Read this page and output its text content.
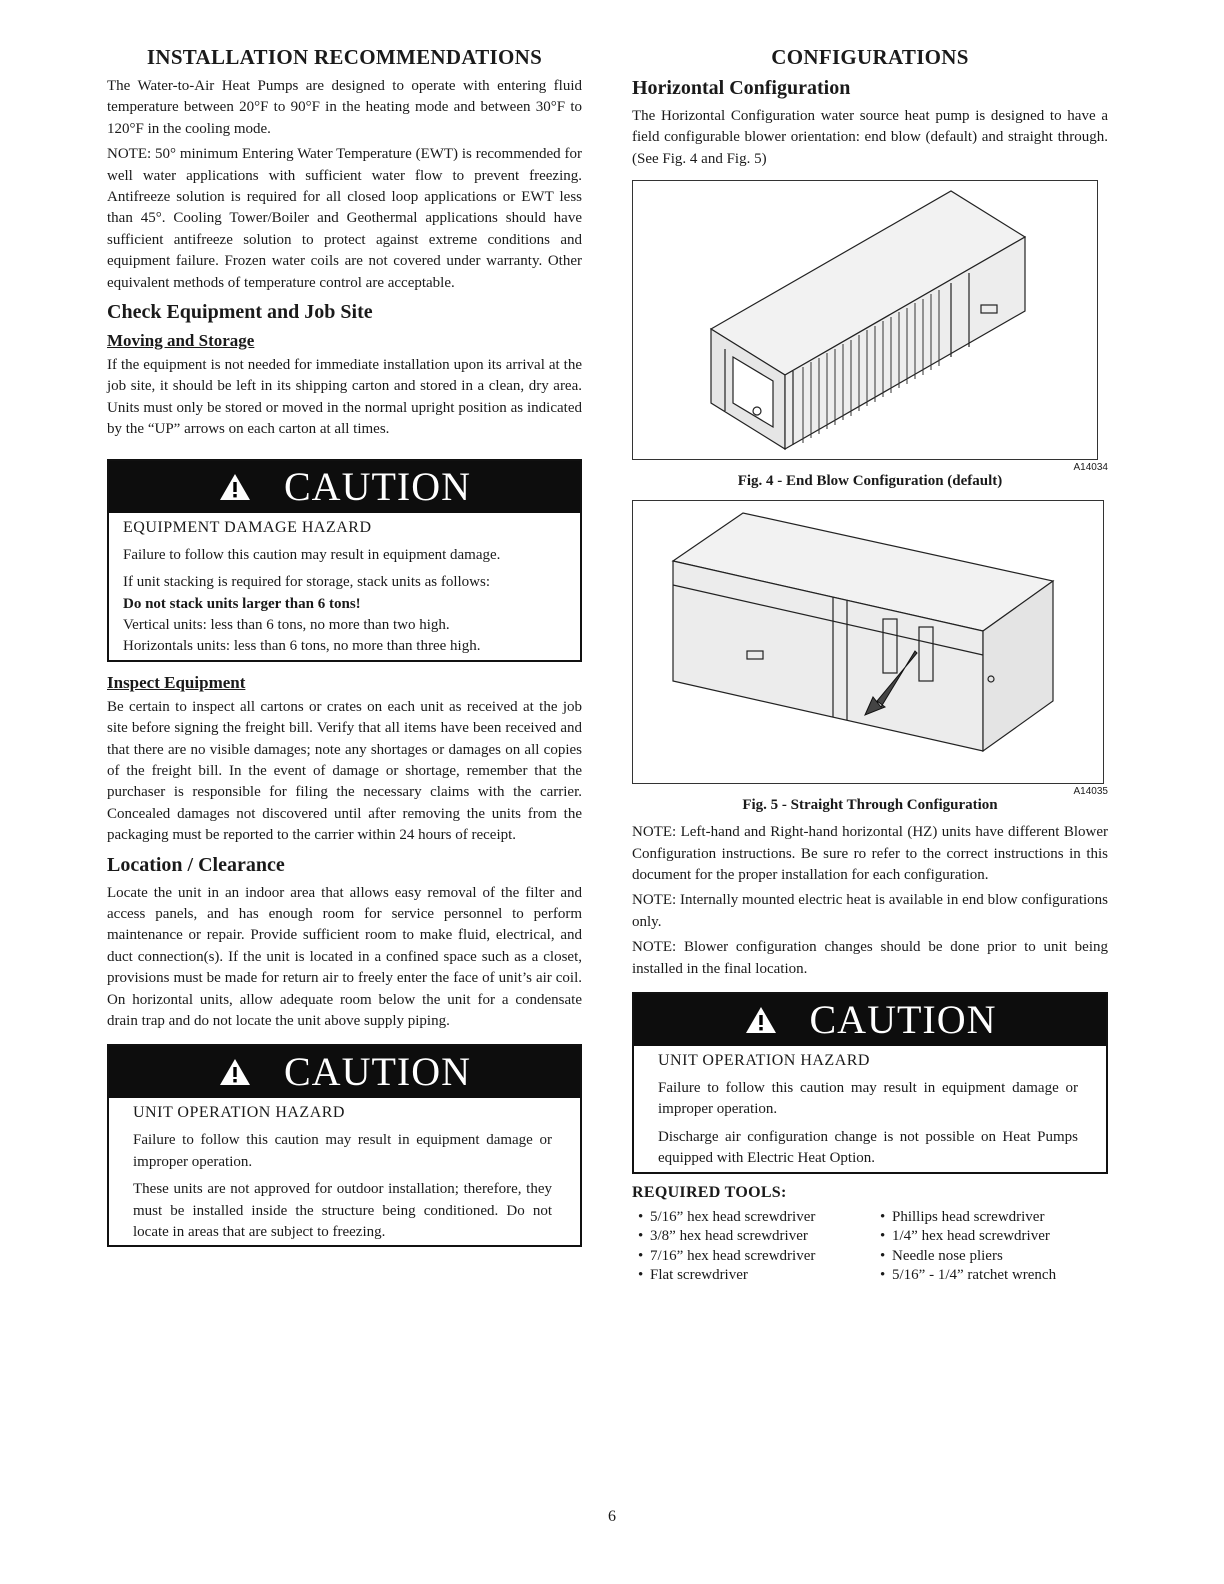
INSTALLATION RECOMMENDATIONS

The Water-to-Air Heat Pumps are designed to operate with entering fluid temperature between 20°F to 90°F in the heating mode and between 30°F to 120°F in the cooling mode.

NOTE: 50° minimum Entering Water Temperature (EWT) is recommended for well water applications with sufficient water flow to prevent freezing. Antifreeze solution is required for all closed loop applications or EWT less than 45°. Cooling Tower/Boiler and Geothermal applications should have sufficient antifreeze solution to protect against extreme conditions and equipment failure. Frozen water coils are not covered under warranty. Other equivalent methods of temperature control are acceptable.

Check Equipment and Job Site
Moving and Storage

If the equipment is not needed for immediate installation upon its arrival at the job site, it should be left in its shipping carton and stored in a clean, dry area. Units must only be stored or moved in the normal upright position as indicated by the “UP” arrows on each carton at all times.

CAUTION
EQUIPMENT DAMAGE HAZARD

Failure to follow this caution may result in equipment damage.

If unit stacking is required for storage, stack units as follows:

Do not stack units larger than 6 tons!

Vertical units: less than 6 tons, no more than two high.

Horizontals units: less than 6 tons, no more than three high.

Inspect Equipment

Be certain to inspect all cartons or crates on each unit as received at the job site before signing the freight bill. Verify that all items have been received and that there are no visible damages; note any shortages or damages on all copies of the freight bill. In the event of damage or shortage, remember that the purchaser is responsible for filing the necessary claims with the carrier. Concealed damages not discovered until after removing the units from the packaging must be reported to the carrier within 24 hours of receipt.

Location / Clearance

Locate the unit in an indoor area that allows easy removal of the filter and access panels, and has enough room for service personnel to perform maintenance or repair. Provide sufficient room to make fluid, electrical, and duct connection(s). If the unit is located in a confined space such as a closet, provisions must be made for return air to freely enter the face of unit’s air coil. On horizontal units, allow adequate room below the unit for a condensate drain trap and do not locate the unit above supply piping.

CAUTION
UNIT OPERATION HAZARD

Failure to follow this caution may result in equipment damage or improper operation.

These units are not approved for outdoor installation; therefore, they must be installed inside the structure being conditioned. Do not locate in areas that are subject to freezing.

CONFIGURATIONS
Horizontal Configuration

The Horizontal Configuration water source heat pump is designed to have a field configurable blower orientation: end blow (default) and straight through. (See Fig. 4 and Fig. 5)

A14034
Fig. 4 - End Blow Configuration (default)
A14035
Fig. 5 - Straight Through Configuration

NOTE: Left-hand and Right-hand horizontal (HZ) units have different Blower Configuration instructions. Be sure ro refer to the correct instructions in this document for the proper installation for each configuration.

NOTE: Internally mounted electric heat is available in end blow configurations only.

NOTE: Blower configuration changes should be done prior to unit being installed in the final location.

CAUTION
UNIT OPERATION HAZARD

Failure to follow this caution may result in equipment damage or improper operation.

Discharge air configuration change is not possible on Heat Pumps equipped with Electric Heat Option.

REQUIRED TOOLS:
• 5/16” hex head screwdriver
• 3/8” hex head screwdriver
• 7/16” hex head screwdriver
• Flat screwdriver
• Phillips head screwdriver
• 1/4” hex head screwdriver
• Needle nose pliers
• 5/16” - 1/4” ratchet wrench
6
